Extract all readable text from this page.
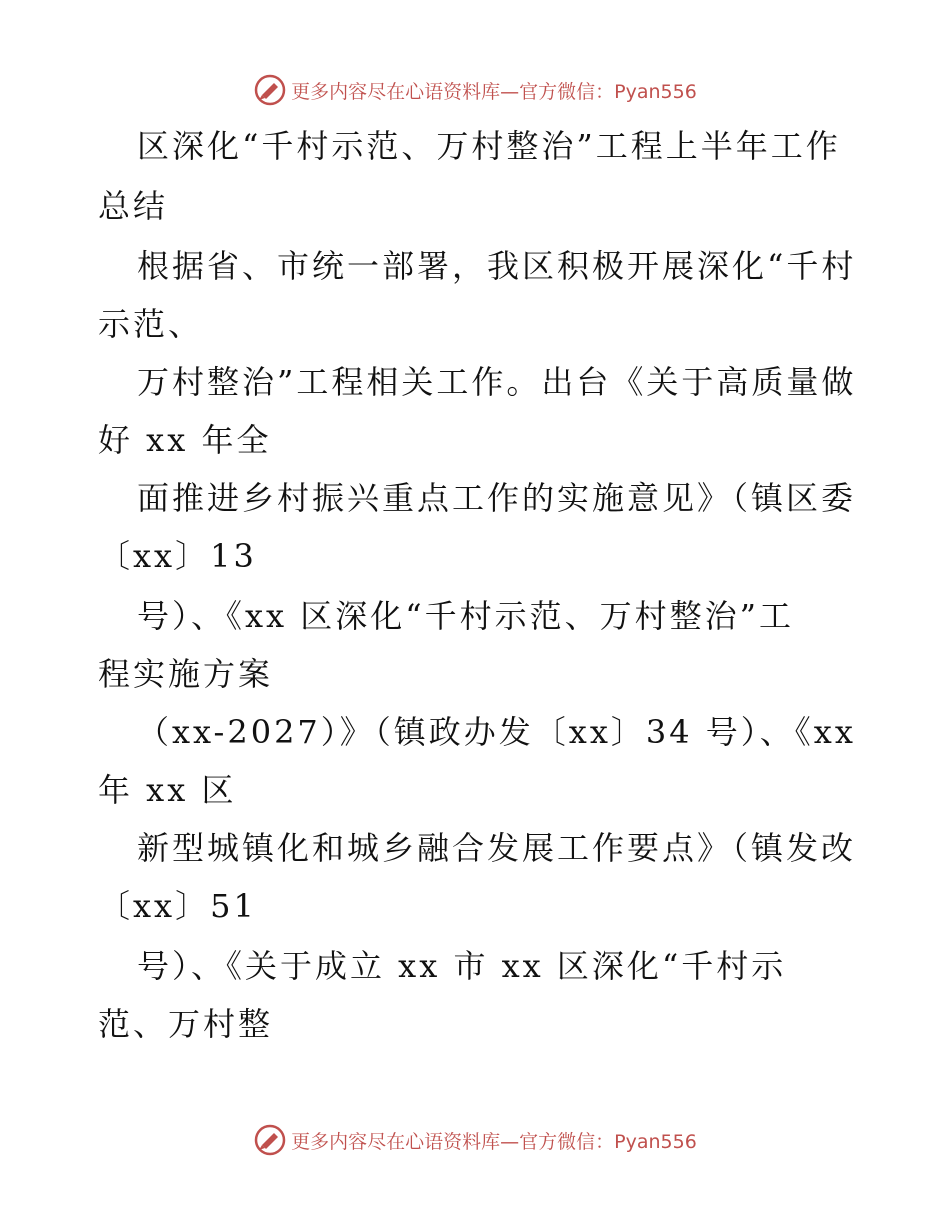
更多内容尽在心语资料库—官方微信：Pyan556
区深化“千村示范、万村整治”工程上半年工作
总结
根据省、市统一部署，我区积极开展深化“千村
示范、
万村整治”工程相关工作。出台《关于高质量做
好 xx 年全
面推进乡村振兴重点工作的实施意见》（镇区委
〔xx〕13
号）、《xx 区深化“千村示范、万村整治”工
程实施方案
（xx-2027）》（镇政办发〔xx〕34 号）、《xx
年 xx 区
新型城镇化和城乡融合发展工作要点》（镇发改
〔xx〕51
号）、《关于成立 xx 市 xx 区深化“千村示
范、万村整
更多内容尽在心语资料库—官方微信：Pyan556
